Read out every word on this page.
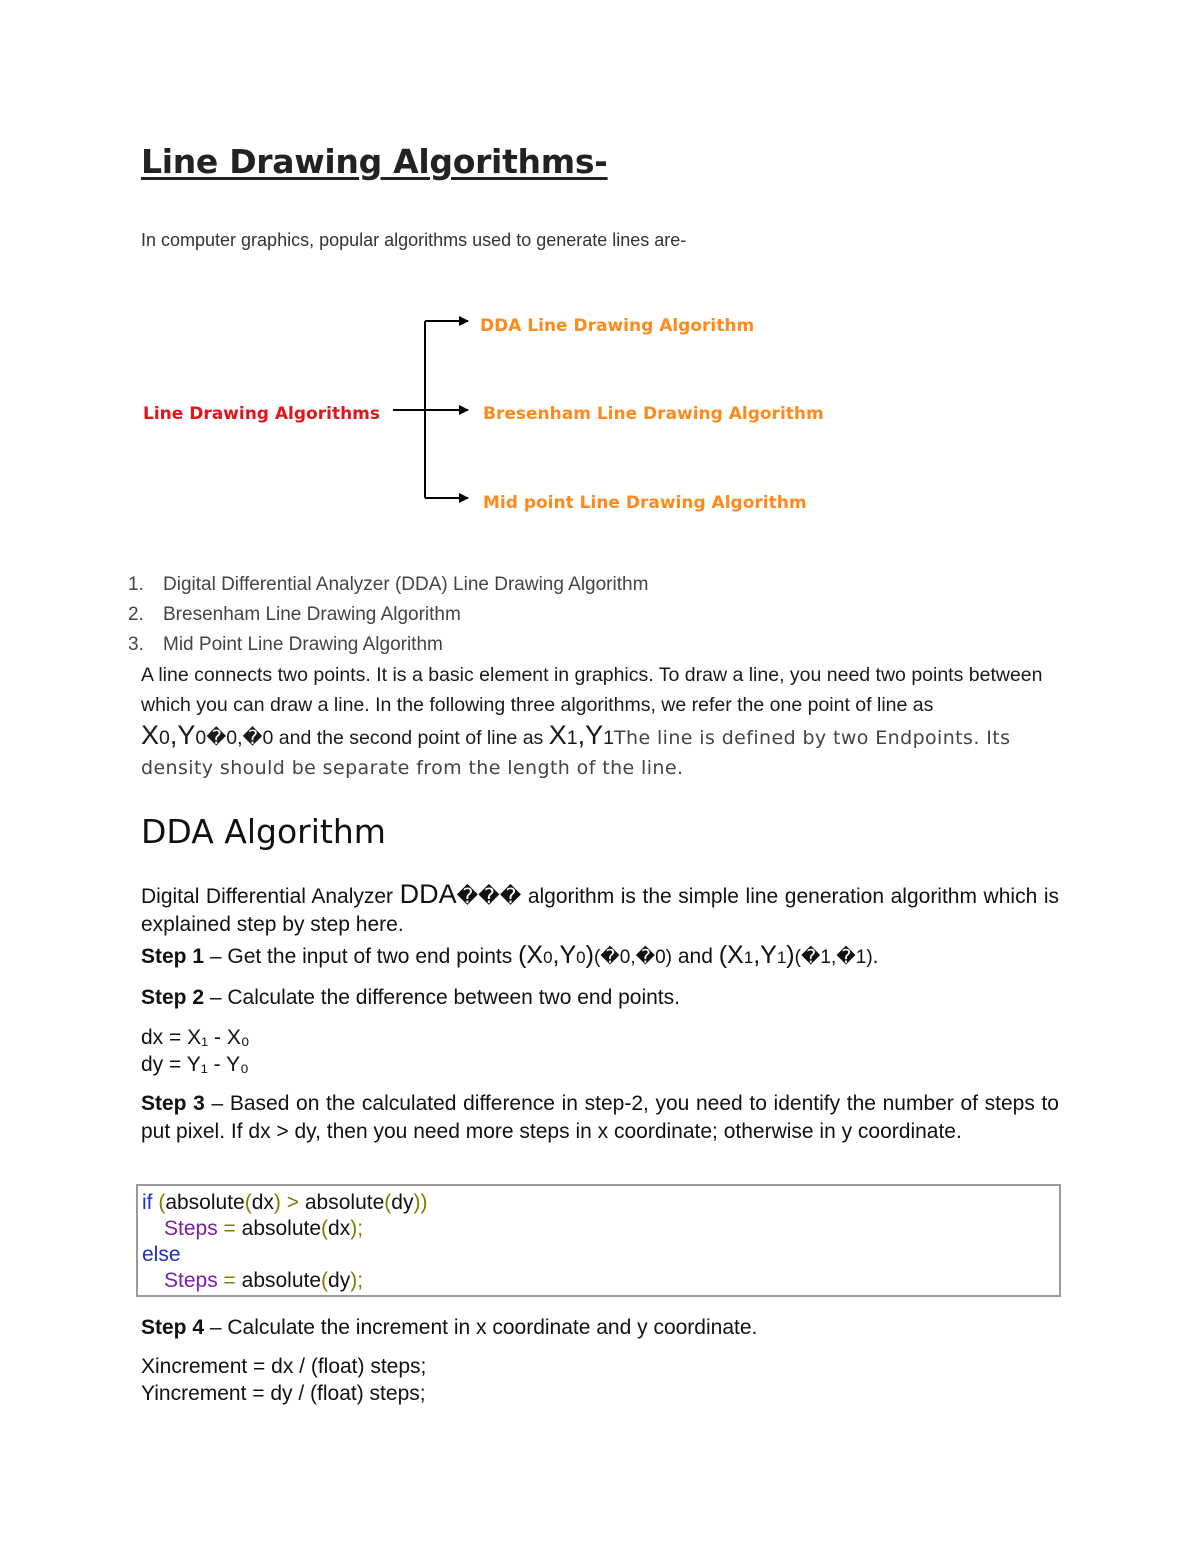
Line Drawing Algorithms-
In computer graphics, popular algorithms used to generate lines are-
Line Drawing Algorithms
DDA Line Drawing Algorithm
Bresenham Line Drawing Algorithm
Mid point Line Drawing Algorithm
1.	Digital Differential Analyzer (DDA) Line Drawing Algorithm
2.	Bresenham Line Drawing Algorithm
3.	Mid Point Line Drawing Algorithm
A line connects two points. It is a basic element in graphics. To draw a line, you need two points between which you can draw a line. In the following three algorithms, we refer the one point of line as X0,Y0�0,�0 and the second point of line as X1,Y1The line is defined by two Endpoints. Its density should be separate from the length of the line.
DDA Algorithm
Digital Differential Analyzer DDA��� algorithm is the simple line generation algorithm which is explained step by step here.
Step 1 – Get the input of two end points (X0,Y0)(�0,�0) and (X1,Y1)(�1,�1).
Step 2 – Calculate the difference between two end points.
dx = X₁ - X₀
dy = Y₁ - Y₀
Step 3 – Based on the calculated difference in step-2, you need to identify the number of steps to put pixel. If dx > dy, then you need more steps in x coordinate; otherwise in y coordinate.
if (absolute(dx) > absolute(dy))
Steps = absolute(dx);
else
Steps = absolute(dy);
Step 4 – Calculate the increment in x coordinate and y coordinate.
Xincrement = dx / (float) steps;
Yincrement = dy / (float) steps;
